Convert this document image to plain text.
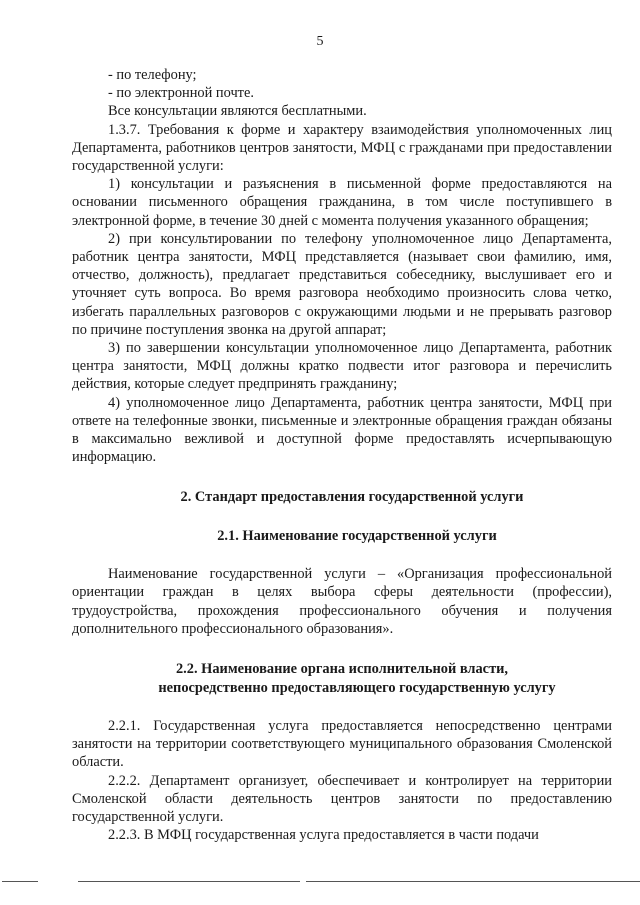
5

- по телефону;

- по электронной почте.

Все консультации являются бесплатными.

1.3.7. Требования к форме и характеру взаимодействия уполномоченных лиц Департамента, работников центров занятости, МФЦ с гражданами при предоставлении государственной услуги:

1) консультации и разъяснения в письменной форме предоставляются на основании письменного обращения гражданина, в том числе поступившего в электронной форме, в течение 30 дней с момента получения указанного обращения;

2) при консультировании по телефону уполномоченное лицо Департамента, работник центра занятости, МФЦ представляется (называет свои фамилию, имя, отчество, должность), предлагает представиться собеседнику, выслушивает его и уточняет суть вопроса. Во время разговора необходимо произносить слова четко, избегать параллельных разговоров с окружающими людьми и не прерывать разговор по причине поступления звонка на другой аппарат;

3) по завершении консультации уполномоченное лицо Департамента, работник центра занятости, МФЦ должны кратко подвести итог разговора и перечислить действия, которые следует предпринять гражданину;

4) уполномоченное лицо Департамента, работник центра занятости, МФЦ при ответе на телефонные звонки, письменные и электронные обращения граждан обязаны в максимально вежливой и доступной форме предоставлять исчерпывающую информацию.

2. Стандарт предоставления государственной услуги
2.1. Наименование государственной услуги

Наименование государственной услуги – «Организация профессиональной ориентации граждан в целях выбора сферы деятельности (профессии), трудоустройства, прохождения профессионального обучения и получения дополнительного профессионального образования».

2.2. Наименование органа исполнительной власти,
непосредственно предоставляющего государственную услугу

2.2.1. Государственная услуга предоставляется непосредственно центрами занятости на территории соответствующего муниципального образования Смоленской области.

2.2.2. Департамент организует, обеспечивает и контролирует на территории Смоленской области деятельность центров занятости по предоставлению государственной услуги.

2.2.3. В МФЦ государственная услуга предоставляется в части подачи
